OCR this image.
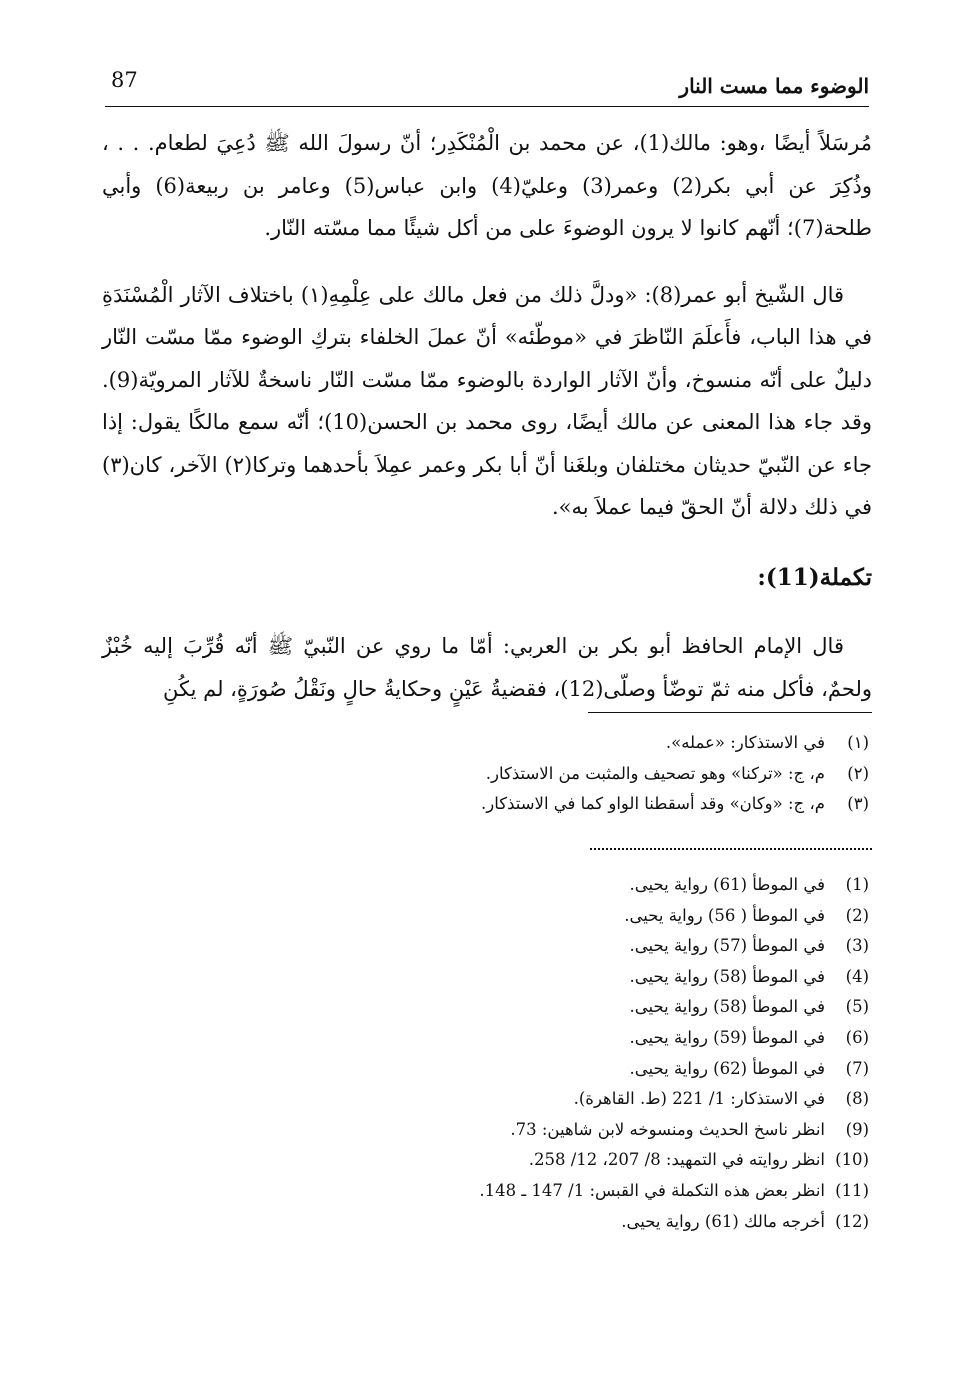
87	الوضوء مما مست النار

مُرسَلاً أيضًا ،وهو: مالك(1)، عن محمد بن الْمُنْكَدِر؛ أنّ رسولَ الله ﷺ دُعِيَ لطعام. . . ، وذُكِرَ عن أبي بكر(2) وعمر(3) وعليّ(4) وابن عباس(5) وعامر بن ربيعة(6) وأبي طلحة(7)؛ أنّهم كانوا لا يرون الوضوءَ على من أكل شيئًا مما مسّته النّار.

قال الشّيخ أبو عمر(8): «ودلَّ ذلك من فعل مالك على عِلْمِهِ(١) باختلاف الآثار الْمُسْنَدَةِ في هذا الباب، فأَعلَمَ النّاظرَ في «موطّئه» أنّ عملَ الخلفاء بتركِ الوضوء ممّا مسّت النّار دليلٌ على أنّه منسوخ، وأنّ الآثار الواردة بالوضوء ممّا مسّت النّار ناسخةٌ للآثار المرويّة(9). وقد جاء هذا المعنى عن مالك أيضًا، روى محمد بن الحسن(10)؛ أنّه سمع مالكًا يقول: إذا جاء عن النّبيّ حديثان مختلفان وبلغَنا أنّ أبا بكر وعمر عمِلاَ بأحدهما وتركا(٢) الآخر، كان(٣) في ذلك دلالة أنّ الحقّ فيما عملاَ به».

تكملة(11):

قال الإمام الحافظ أبو بكر بن العربي: أمّا ما روي عن النّبيّ ﷺ أنّه قُرِّبَ إليه خُبْزٌ ولحمٌ، فأكل منه ثمّ توضّأ وصلّى(12)، فقضيةُ عَيْنٍ وحكايةُ حالٍ ونَقْلُ صُورَةٍ، لم يكُنِ

(١)في الاستذكار: «عمله».
(٢)م، ج: «تركنا» وهو تصحيف والمثبت من الاستذكار.
(٣)م، ج: «وكان» وقد أسقطنا الواو كما في الاستذكار.
(1)في الموطأ (61) رواية يحيى.
(2)في الموطأ ( 56) رواية يحيى.
(3)في الموطأ (57) رواية يحيى.
(4)في الموطأ (58) رواية يحيى.
(5)في الموطأ (58) رواية يحيى.
(6)في الموطأ (59) رواية يحيى.
(7)في الموطأ (62) رواية يحيى.
(8)في الاستذكار: 1/ 221 (ط. القاهرة).
(9)انظر ناسخ الحديث ومنسوخه لابن شاهين: 73.
(10)انظر روايته في التمهيد: 8/ 207، 12/ 258.
(11)انظر بعض هذه التكملة في القبس: 1/ 147 ـ 148.
(12)أخرجه مالك (61) رواية يحيى.
